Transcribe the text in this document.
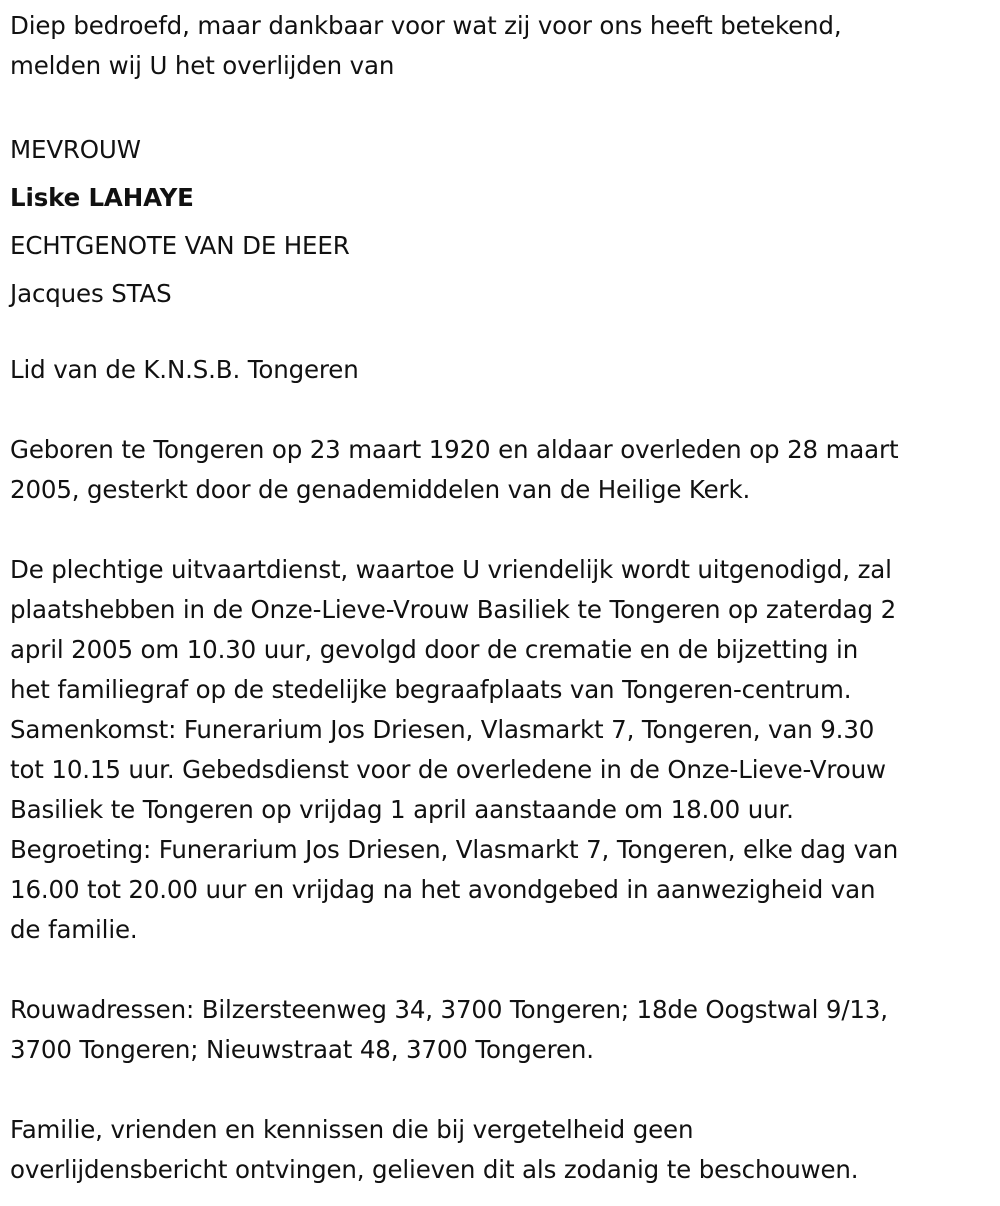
Diep bedroefd, maar dankbaar voor wat zij voor ons heeft betekend,
melden wij U het overlijden van

MEVROUW

Liske LAHAYE

ECHTGENOTE VAN DE HEER

Jacques STAS

Lid van de K.N.S.B. Tongeren

Geboren te Tongeren op 23 maart 1920 en aldaar overleden op 28 maart
2005, gesterkt door de genademiddelen van de Heilige Kerk.

De plechtige uitvaartdienst, waartoe U vriendelijk wordt uitgenodigd, zal
plaatshebben in de Onze-Lieve-Vrouw Basiliek te Tongeren op zaterdag 2
april 2005 om 10.30 uur, gevolgd door de crematie en de bijzetting in
het familiegraf op de stedelijke begraafplaats van Tongeren-centrum.
Samenkomst: Funerarium Jos Driesen, Vlasmarkt 7, Tongeren, van 9.30
tot 10.15 uur. Gebedsdienst voor de overledene in de Onze-Lieve-Vrouw
Basiliek te Tongeren op vrijdag 1 april aanstaande om 18.00 uur.
Begroeting: Funerarium Jos Driesen, Vlasmarkt 7, Tongeren, elke dag van
16.00 tot 20.00 uur en vrijdag na het avondgebed in aanwezigheid van
de familie.

Rouwadressen: Bilzersteenweg 34, 3700 Tongeren; 18de Oogstwal 9/13,
3700 Tongeren; Nieuwstraat 48, 3700 Tongeren.

Familie, vrienden en kennissen die bij vergetelheid geen
overlijdensbericht ontvingen, gelieven dit als zodanig te beschouwen.
